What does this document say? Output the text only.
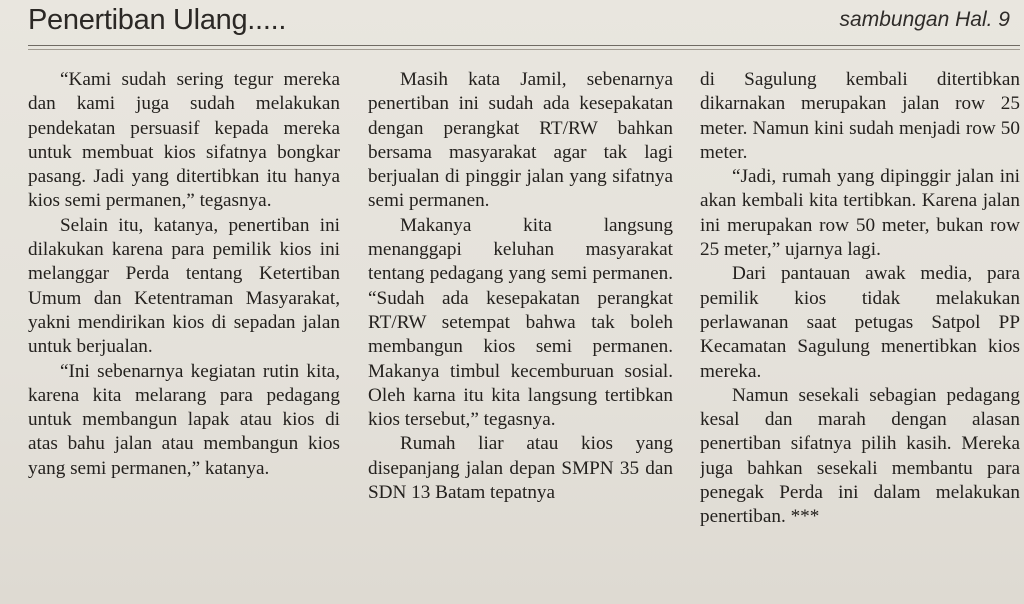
Penertiban Ulang.....	sambungan Hal. 9

“Kami sudah sering tegur mereka dan kami juga sudah melakukan pendekatan persuasif kepada mereka untuk membuat kios sifatnya bongkar pasang. Jadi yang ditertibkan itu hanya kios semi permanen,” tegasnya.

Selain itu, katanya, penertiban ini dilakukan karena para pemilik kios ini melanggar Perda tentang Ketertiban Umum dan Ketentraman Masyarakat, yakni mendirikan kios di sepadan jalan untuk berjualan.

“Ini sebenarnya kegiatan rutin kita, karena kita melarang para pedagang untuk membangun lapak atau kios di atas bahu jalan atau membangun kios yang semi permanen,” katanya.

Masih kata Jamil, sebenarnya penertiban ini sudah ada kesepakatan dengan perangkat RT/RW bahkan bersama masyarakat agar tak lagi berjualan di pinggir jalan yang sifatnya semi permanen.

Makanya kita langsung menanggapi keluhan masyarakat tentang pedagang yang semi permanen. “Sudah ada kesepakatan perangkat RT/RW setempat bahwa tak boleh membangun kios semi permanen. Makanya timbul kecemburuan sosial. Oleh karna itu kita langsung tertibkan kios tersebut,” tegasnya.

Rumah liar atau kios yang disepanjang jalan depan SMPN 35 dan SDN 13 Batam tepatnya

di Sagulung kembali ditertibkan dikarnakan merupakan jalan row 25 meter. Namun kini sudah menjadi row 50 meter.

“Jadi, rumah yang dipinggir jalan ini akan kembali kita tertibkan. Karena jalan ini merupakan row 50 meter, bukan row 25 meter,” ujarnya lagi.

Dari pantauan awak media, para pemilik kios tidak melakukan perlawanan saat petugas Satpol PP Kecamatan Sagulung menertibkan kios mereka.

Namun sesekali sebagian pedagang kesal dan marah dengan alasan penertiban sifatnya pilih kasih. Mereka juga bahkan sesekali membantu para penegak Perda ini dalam melakukan penertiban. ***
